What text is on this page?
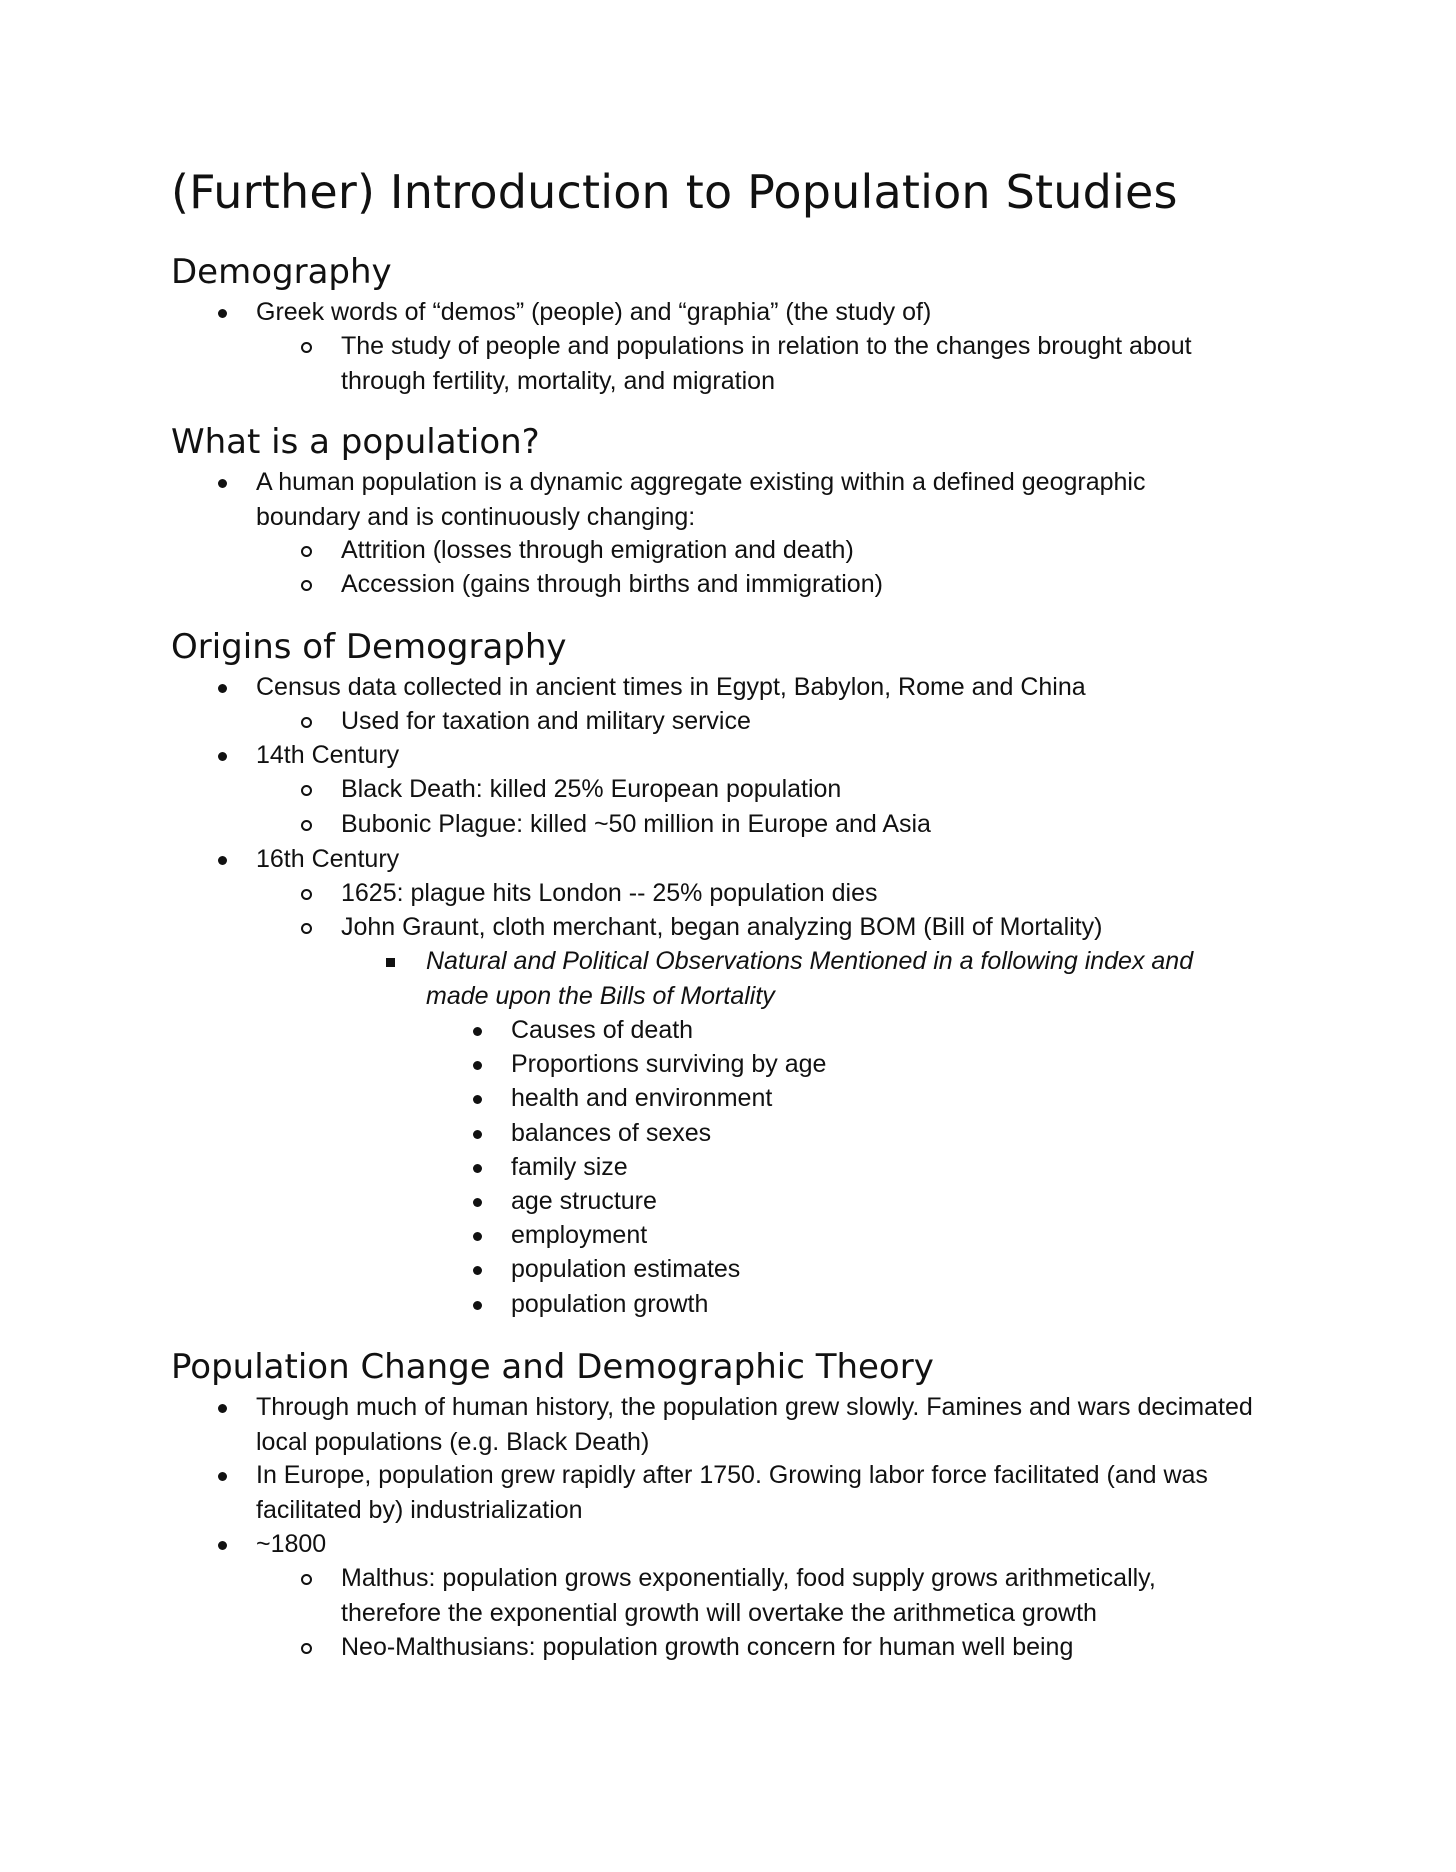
(Further) Introduction to Population Studies
Demography
Greek words of “demos” (people) and “graphia” (the study of)
The study of people and populations in relation to the changes brought about through fertility, mortality, and migration
What is a population?
A human population is a dynamic aggregate existing within a defined geographic boundary and is continuously changing:
Attrition (losses through emigration and death)
Accession (gains through births and immigration)
Origins of Demography
Census data collected in ancient times in Egypt, Babylon, Rome and China
Used for taxation and military service
14th Century
Black Death: killed 25% European population
Bubonic Plague: killed ~50 million in Europe and Asia
16th Century
1625: plague hits London -- 25% population dies
John Graunt, cloth merchant, began analyzing BOM (Bill of Mortality)
Natural and Political Observations Mentioned in a following index and made upon the Bills of Mortality
Causes of death
Proportions surviving by age
health and environment
balances of sexes
family size
age structure
employment
population estimates
population growth
Population Change and Demographic Theory
Through much of human history, the population grew slowly. Famines and wars decimated local populations (e.g. Black Death)
In Europe, population grew rapidly after 1750. Growing labor force facilitated (and was facilitated by) industrialization
~1800
Malthus: population grows exponentially, food supply grows arithmetically, therefore the exponential growth will overtake the arithmetica growth
Neo-Malthusians: population growth concern for human well being
